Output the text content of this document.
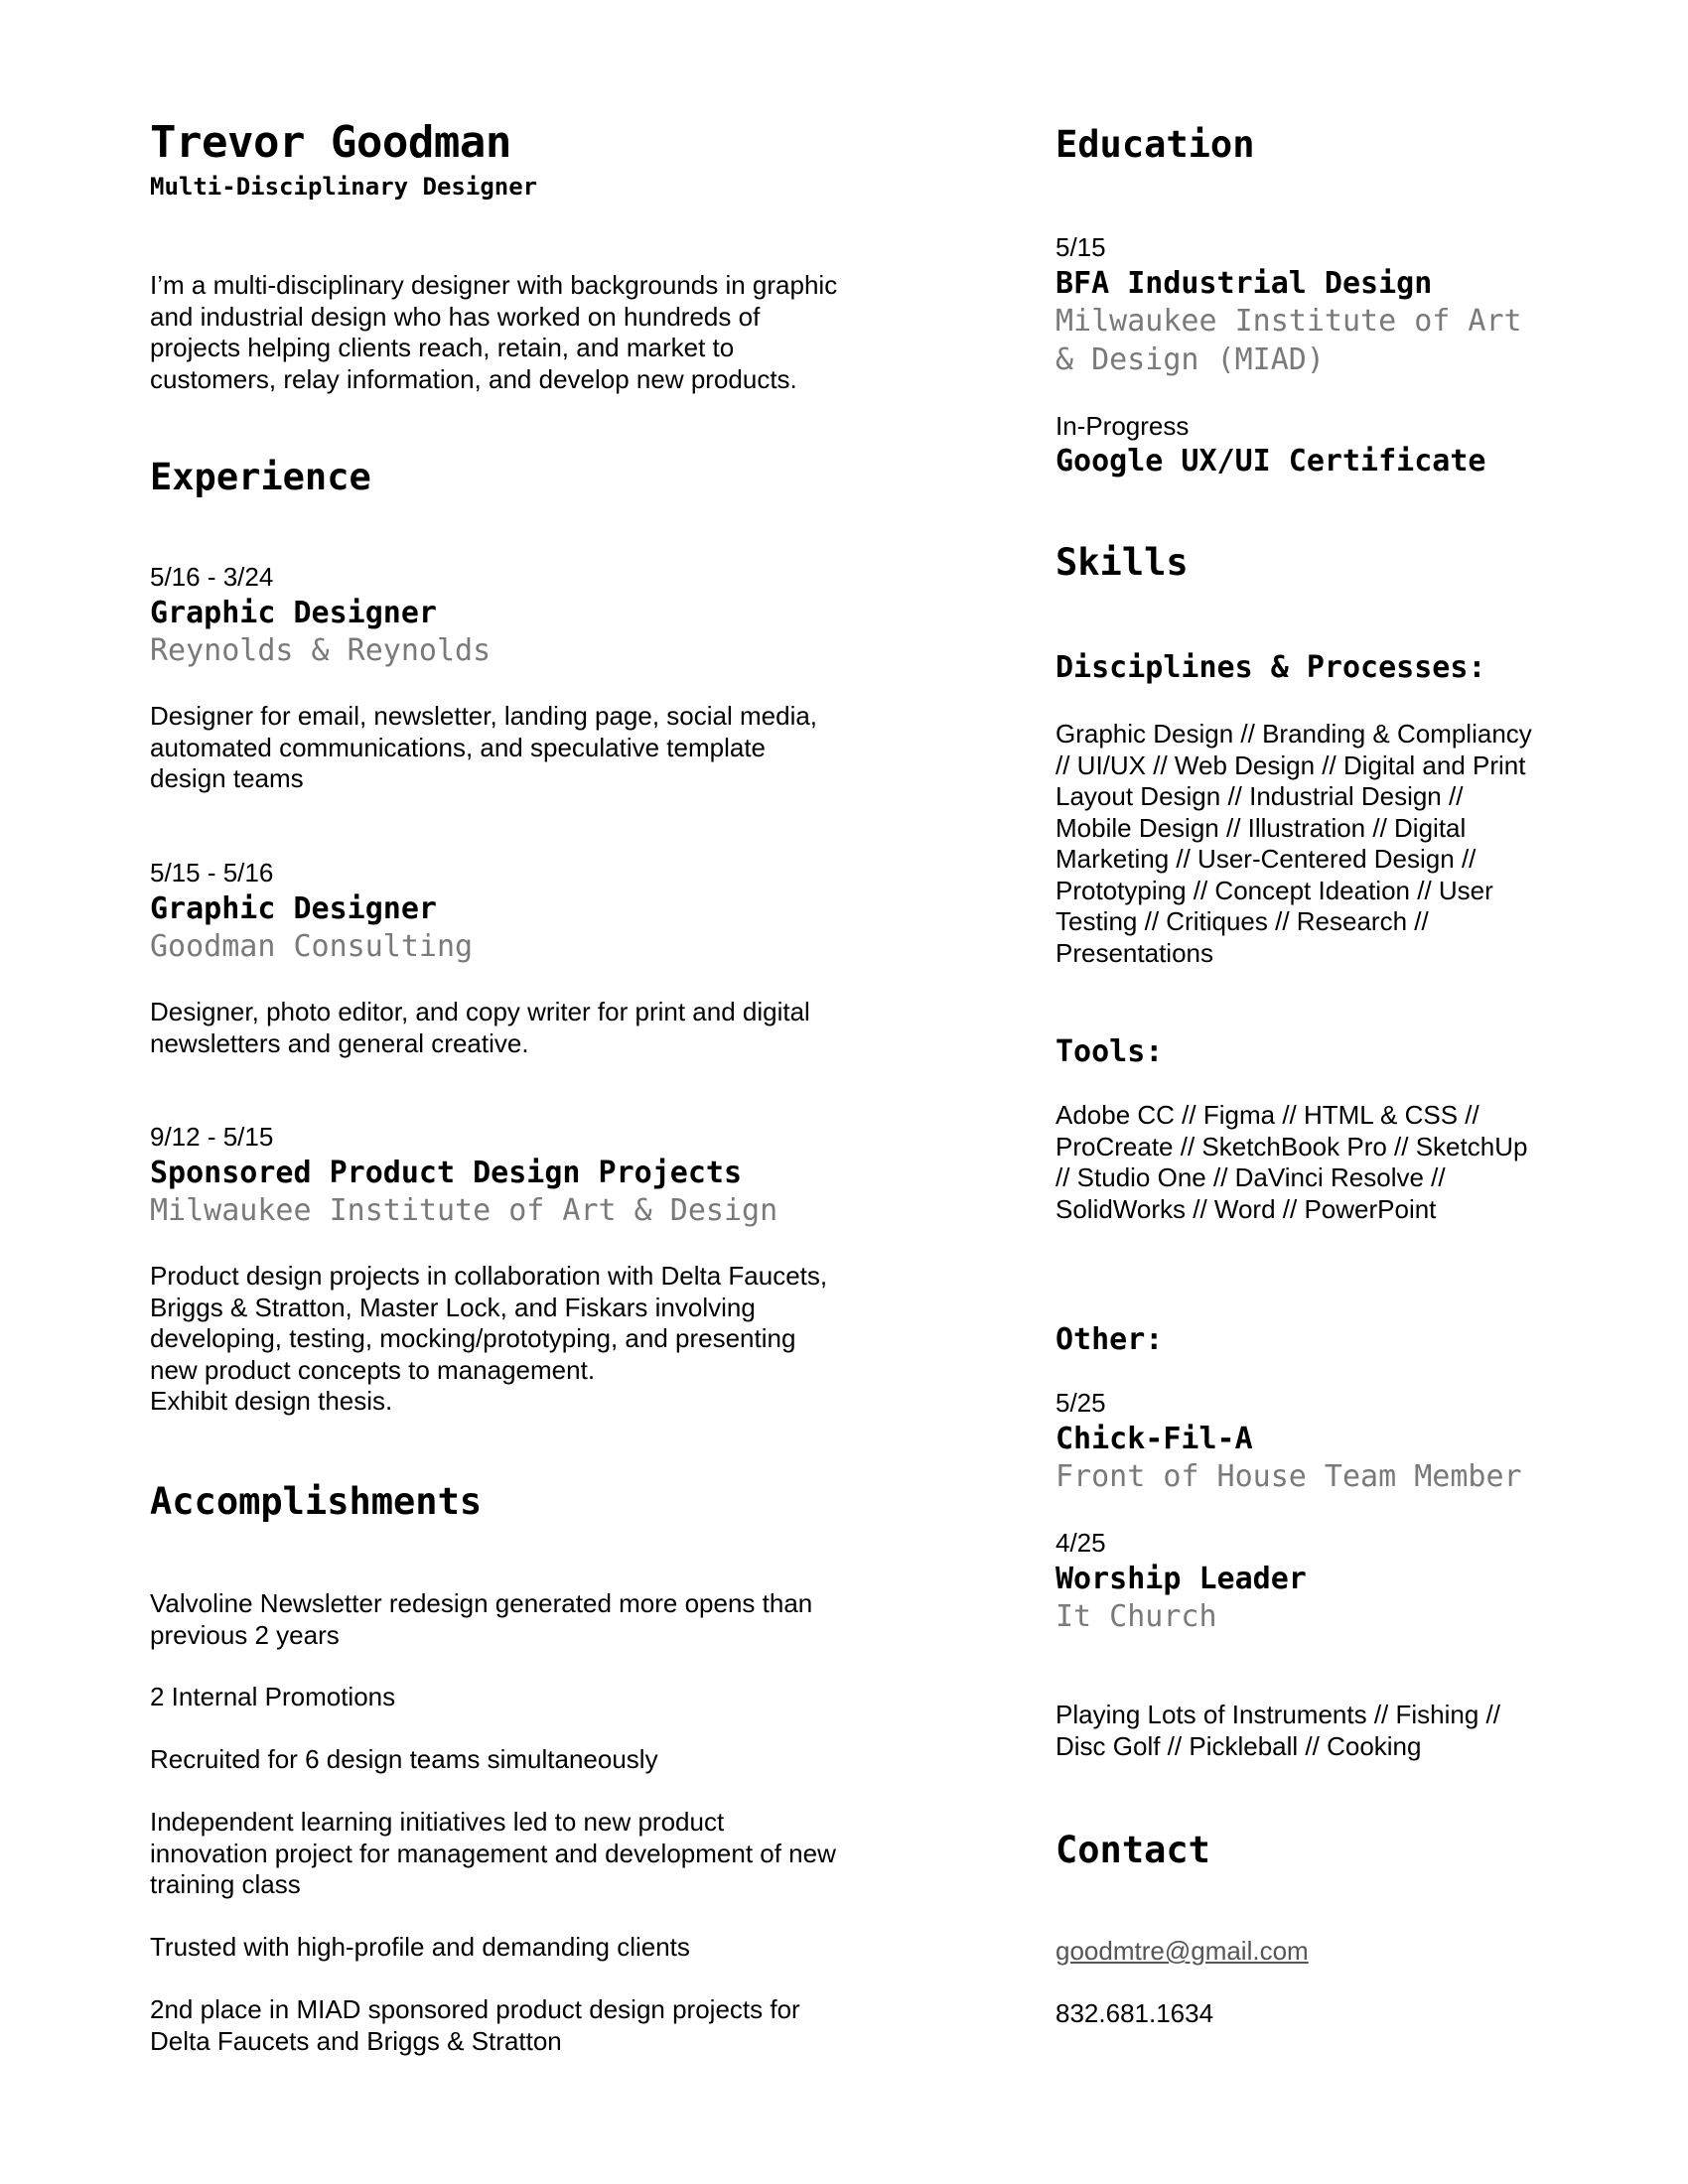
Trevor Goodman
Multi-Disciplinary Designer

I’m a multi-disciplinary designer with backgrounds in graphic and industrial design who has worked on hundreds of projects helping clients reach, retain, and market to customers, relay information, and develop new products.

Experience
5/16 - 3/24
Graphic Designer
Reynolds & Reynolds

Designer for email, newsletter, landing page, social media, automated communications, and speculative template design teams

5/15 - 5/16
Graphic Designer
Goodman Consulting

Designer, photo editor, and copy writer for print and digital newsletters and general creative.

9/12 - 5/15
Sponsored Product Design Projects
Milwaukee Institute of Art & Design

Product design projects in collaboration with Delta Faucets, Briggs & Stratton, Master Lock, and Fiskars involving developing, testing, mocking/prototyping, and presenting new product concepts to management.

Exhibit design thesis.

Accomplishments

Valvoline Newsletter redesign generated more opens than previous 2 years

2 Internal Promotions

Recruited for 6 design teams simultaneously

Independent learning initiatives led to new product innovation project for management and development of new training class

Trusted with high-profile and demanding clients

2nd place in MIAD sponsored product design projects for Delta Faucets and Briggs & Stratton

Education
5/15
BFA Industrial Design
Milwaukee Institute of Art
& Design (MIAD)
In-Progress
Google UX/UI Certificate
Skills
Disciplines & Processes:

Graphic Design // Branding & Compliancy // UI/UX // Web Design // Digital and Print Layout Design // Industrial Design // Mobile Design // Illustration // Digital Marketing // User-Centered Design // Prototyping // Concept Ideation // User Testing // Critiques // Research // Presentations

Tools:

Adobe CC // Figma // HTML & CSS // ProCreate // SketchBook Pro // SketchUp // Studio One // DaVinci Resolve // SolidWorks // Word // PowerPoint

Other:
5/25
Chick-Fil-A
Front of House Team Member
4/25
Worship Leader
It Church

Playing Lots of Instruments // Fishing // Disc Golf // Pickleball // Cooking

Contact
goodmtre@gmail.com
832.681.1634
